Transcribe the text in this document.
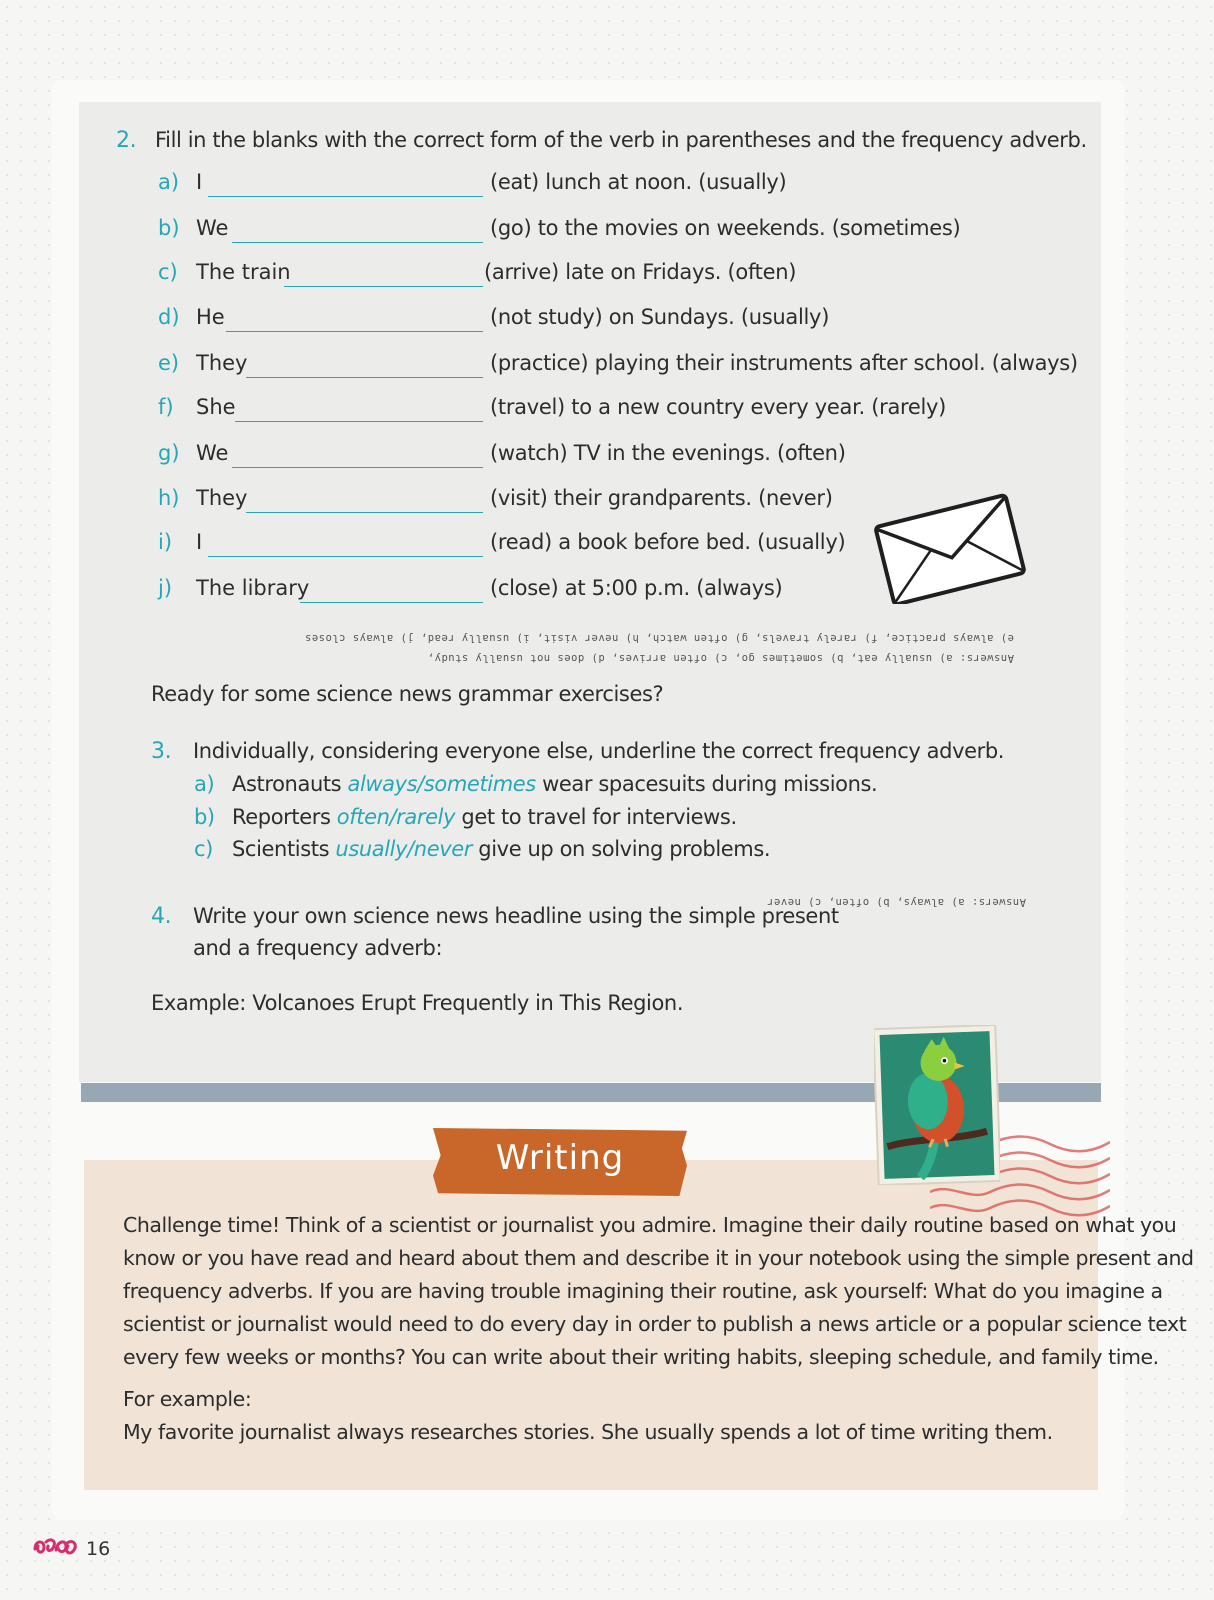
2. Fill in the blanks with the correct form of the verb in parentheses and the frequency adverb.
a) I	(eat) lunch at noon. (usually)
b) We	(go) to the movies on weekends. (sometimes)
c) The train	(arrive) late on Fridays. (often)
d) He	(not study) on Sundays. (usually)
e) They	(practice) playing their instruments after school. (always)
f) She	(travel) to a new country every year. (rarely)
g) We	(watch) TV in the evenings. (often)
h) They	(visit) their grandparents. (never)
i) I	(read) a book before bed. (usually)
j) The library	(close) at 5:00 p.m. (always)
e) always practice, f) rarely travels, g) often watch, h) never visit, i) usually read, j) always closes
Answers: a) usually eat, b) sometimes go, c) often arrives, d) does not usually study,
Ready for some science news grammar exercises?
3. Individually, considering everyone else, underline the correct frequency adverb.
a) Astronauts always/sometimes wear spacesuits during missions.
b) Reporters often/rarely get to travel for interviews.
c) Scientists usually/never give up on solving problems.
Answers: a) always, b) often, c) never
4. Write your own science news headline using the simple present
and a frequency adverb:
Example: Volcanoes Erupt Frequently in This Region.
Writing
Challenge time! Think of a scientist or journalist you admire. Imagine their daily routine based on what you
know or you have read and heard about them and describe it in your notebook using the simple present and
frequency adverbs. If you are having trouble imagining their routine, ask yourself: What do you imagine a
scientist or journalist would need to do every day in order to publish a news article or a popular science text
every few weeks or months? You can write about their writing habits, sleeping schedule, and family time.
For example:
My favorite journalist always researches stories. She usually spends a lot of time writing them.
16
